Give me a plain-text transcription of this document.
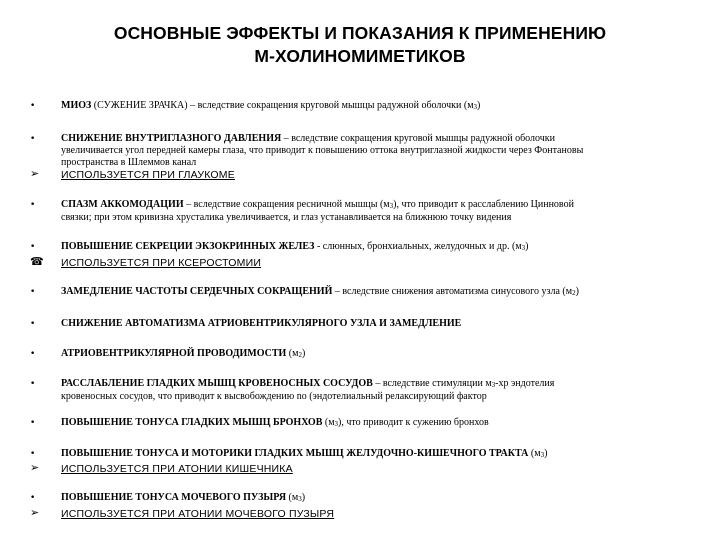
ОСНОВНЫЕ ЭФФЕКТЫ И ПОКАЗАНИЯ К ПРИМЕНЕНИЮ
М-ХОЛИНОМИМЕТИКОВ
•	МИОЗ (СУЖЕНИЕ ЗРАЧКА) – вследствие сокращения круговой мышцы радужной оболочки (м3)
•	СНИЖЕНИЕ ВНУТРИГЛАЗНОГО ДАВЛЕНИЯ – вследствие сокращения круговой мышцы радужной оболочки
увеличивается угол передней камеры глаза, что приводит к повышению оттока внутриглазной жидкости через Фонтановы
пространства в Шлеммов канал
➢	ИСПОЛЬЗУЕТСЯ ПРИ ГЛАУКОМЕ
•	СПАЗМ АККОМОДАЦИИ – вследствие сокращения ресничной мышцы (м3), что приводит к расслаблению Цинновой
связки; при этом кривизна хрусталика увеличивается, и глаз устанавливается на ближнюю точку видения
•	ПОВЫШЕНИЕ СЕКРЕЦИИ ЭКЗОКРИННЫХ ЖЕЛЕЗ - слюнных, бронхиальных, желудочных и др. (м3)
☎	ИСПОЛЬЗУЕТСЯ ПРИ КСЕРОСТОМИИ
•	ЗАМЕДЛЕНИЕ ЧАСТОТЫ СЕРДЕЧНЫХ СОКРАЩЕНИЙ – вследствие снижения автоматизма синусового узла (м2)
•	СНИЖЕНИЕ АВТОМАТИЗМА АТРИОВЕНТРИКУЛЯРНОГО УЗЛА И ЗАМЕДЛЕНИЕ
•	АТРИОВЕНТРИКУЛЯРНОЙ ПРОВОДИМОСТИ (м2)
•	РАССЛАБЛЕНИЕ ГЛАДКИХ МЫШЦ КРОВЕНОСНЫХ СОСУДОВ – вследствие стимуляции м3-хр эндотелия
кровеносных сосудов, что приводит к высвобождению no (эндотелиальный релаксирующий фактор
•	ПОВЫШЕНИЕ ТОНУСА ГЛАДКИХ МЫШЦ БРОНХОВ (м3), что приводит к сужению бронхов
•	ПОВЫШЕНИЕ ТОНУСА И МОТОРИКИ ГЛАДКИХ МЫШЦ ЖЕЛУДОЧНО-КИШЕЧНОГО ТРАКТА (м3)
➢	ИСПОЛЬЗУЕТСЯ ПРИ АТОНИИ КИШЕЧНИКА
•	ПОВЫШЕНИЕ ТОНУСА МОЧЕВОГО ПУЗЫРЯ (м3)
➢	ИСПОЛЬЗУЕТСЯ ПРИ АТОНИИ МОЧЕВОГО ПУЗЫРЯ
